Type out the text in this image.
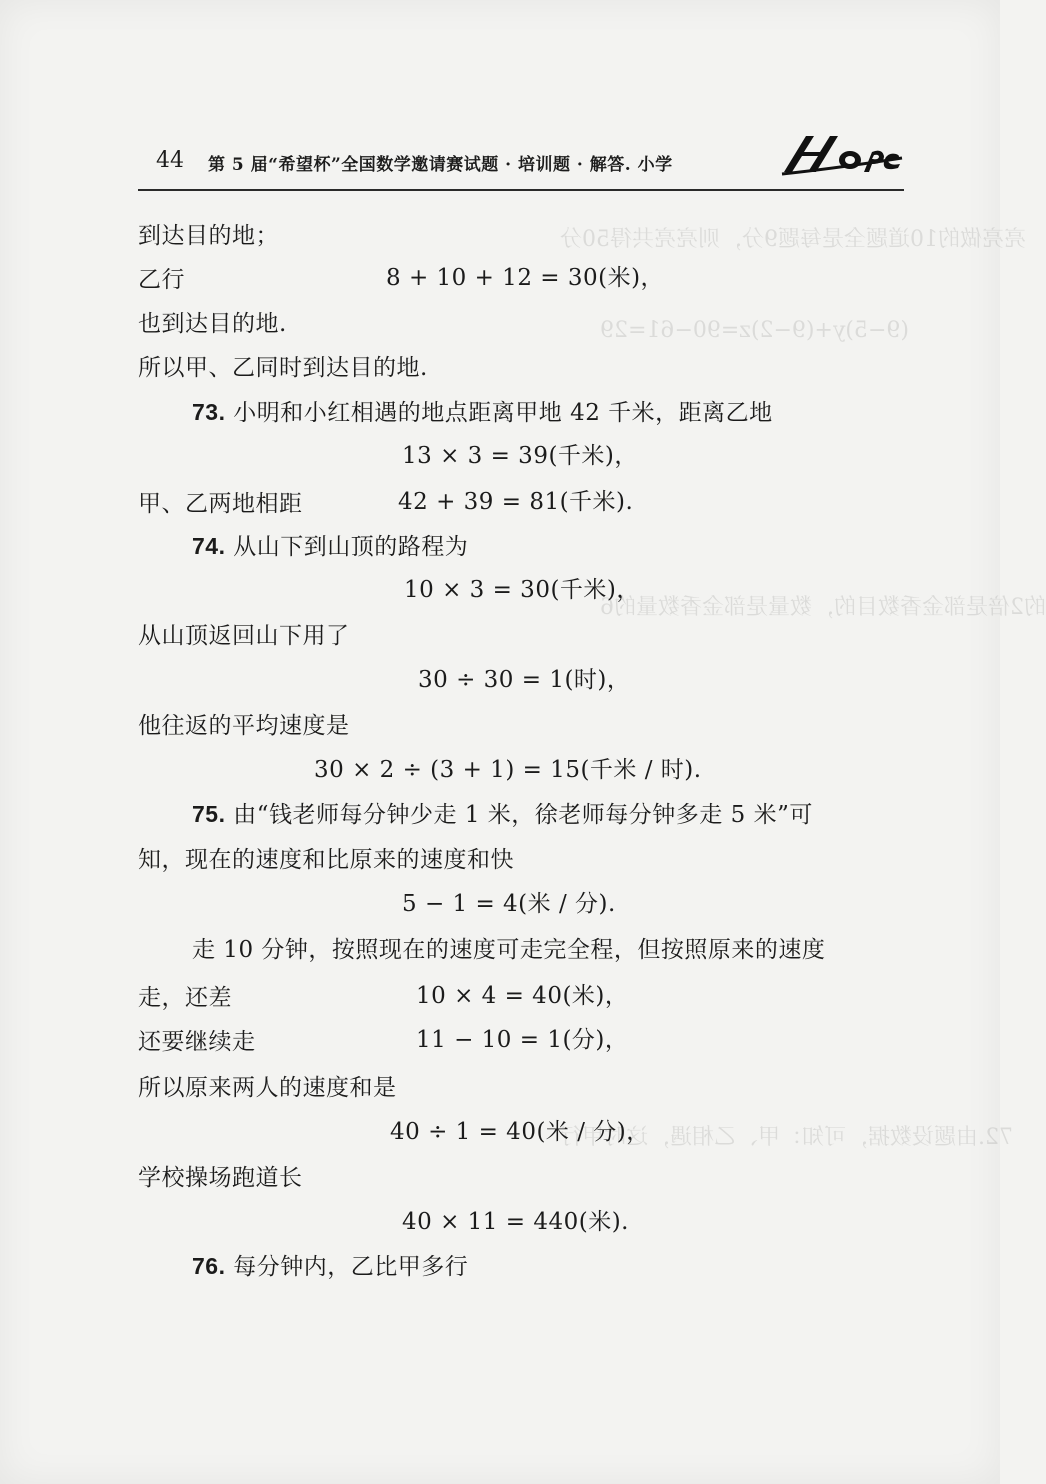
亮亮做的10道题全是每题9分，则亮亮共得50分
(9−5)y+(9−2)z=90−61=29
的2倍是部金香数目的，数量是部金香数量的6
72.由题设数据，可知：甲、乙相遇，这时甲行
44 第 5 届“希望杯”全国数学邀请赛试题 · 培训题 · 解答. 小学
到达目的地；
乙行	8 + 10 + 12 = 30(米)，
也到达目的地.
所以甲、乙同时到达目的地.
73. 小明和小红相遇的地点距离甲地 42 千米，距离乙地
13 × 3 = 39(千米)，
甲、乙两地相距	42 + 39 = 81(千米).
74. 从山下到山顶的路程为
10 × 3 = 30(千米)，
从山顶返回山下用了
30 ÷ 30 = 1(时)，
他往返的平均速度是
30 × 2 ÷ (3 + 1) = 15(千米 / 时).
75. 由“钱老师每分钟少走 1 米，徐老师每分钟多走 5 米”可
知，现在的速度和比原来的速度和快
5 − 1 = 4(米 / 分).
走 10 分钟，按照现在的速度可走完全程，但按照原来的速度
走，还差	10 × 4 = 40(米)，
还要继续走	11 − 10 = 1(分)，
所以原来两人的速度和是
40 ÷ 1 = 40(米 / 分)，
学校操场跑道长
40 × 11 = 440(米).
76. 每分钟内，乙比甲多行
